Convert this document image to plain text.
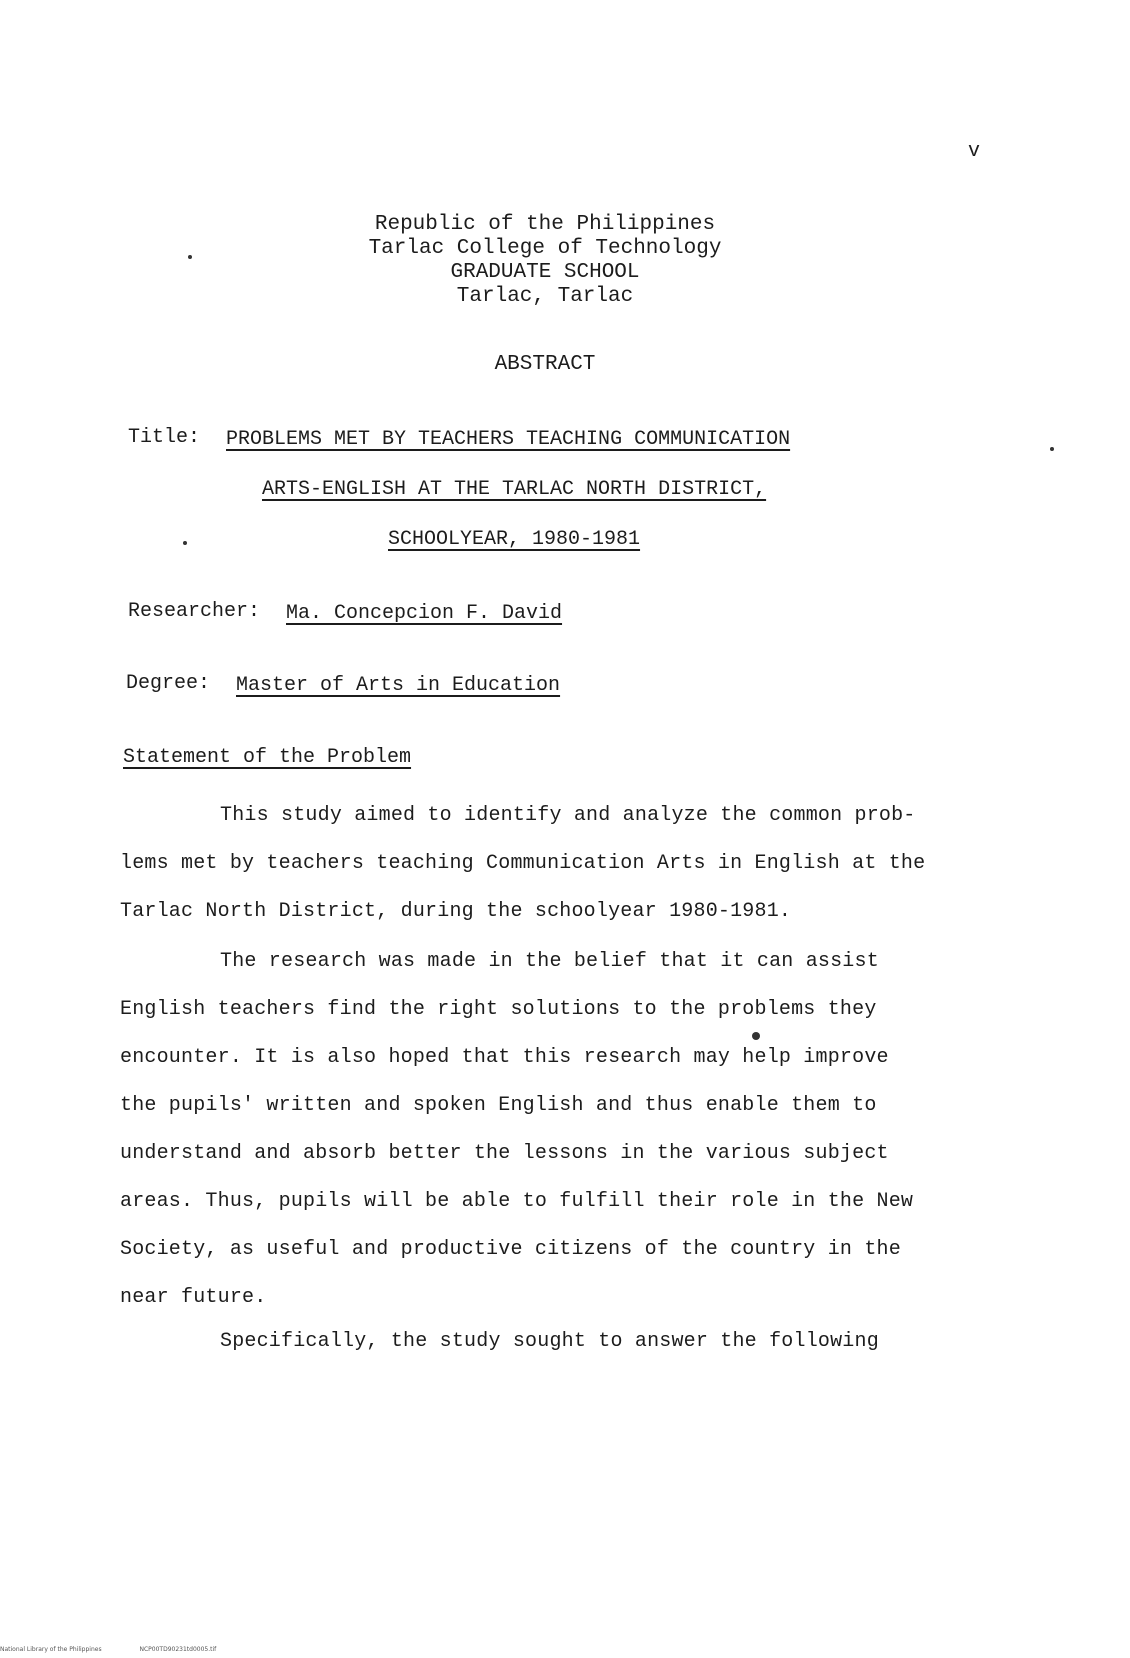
v
Republic of the Philippines
Tarlac College of Technology
GRADUATE SCHOOL
Tarlac, Tarlac
ABSTRACT
Title: PROBLEMS MET BY TEACHERS TEACHING COMMUNICATION
ARTS-ENGLISH AT THE TARLAC NORTH DISTRICT,
SCHOOLYEAR, 1980-1981
Researcher: Ma. Concepcion F. David
Degree: Master of Arts in Education
Statement of the Problem
This study aimed to identify and analyze the common prob-
lems met by teachers teaching Communication Arts in English at the
Tarlac North District, during the schoolyear 1980-1981.
The research was made in the belief that it can assist
English teachers find the right solutions to the problems they
encounter. It is also hoped that this research may help improve
the pupils' written and spoken English and thus enable them to
understand and absorb better the lessons in the various subject
areas. Thus, pupils will be able to fulfill their role in the New
Society, as useful and productive citizens of the country in the
near future.
Specifically, the study sought to answer the following
National Library of the Philippines	NCP00TD90231td0005.tif
